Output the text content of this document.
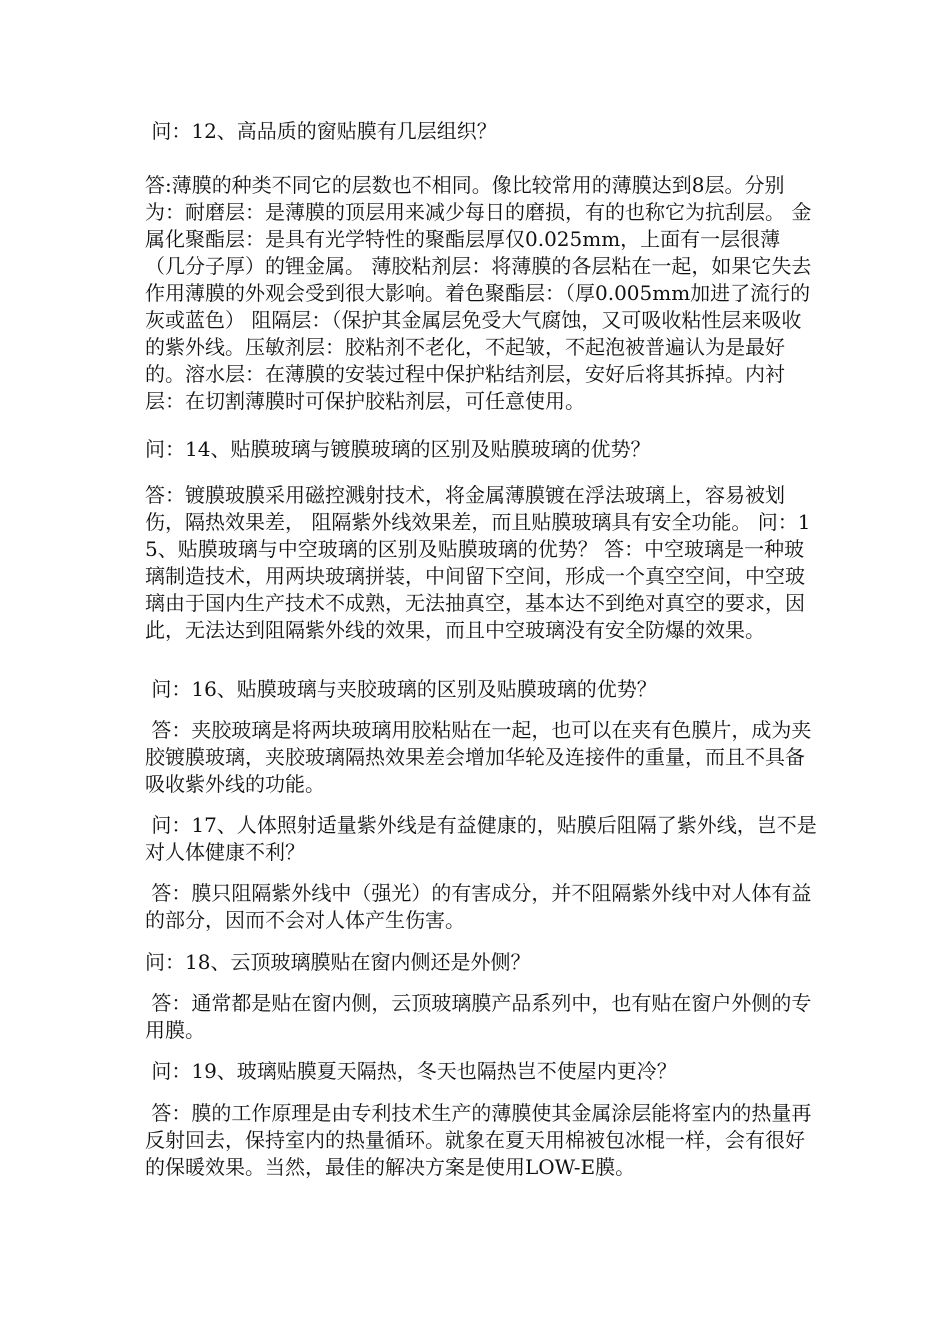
问：12、高品质的窗贴膜有几层组织？

答:薄膜的种类不同它的层数也不相同。像比较常用的薄膜达到8层。分别为：耐磨层：是薄膜的顶层用来减少每日的磨损，有的也称它为抗刮层。 金属化聚酯层：是具有光学特性的聚酯层厚仅0.025mm，上面有一层很薄（几分子厚）的锂金属。 薄胶粘剂层：将薄膜的各层粘在一起，如果它失去作用薄膜的外观会受到很大影响。着色聚酯层：（厚0.005mm加进了流行的灰或蓝色） 阻隔层：（保护其金属层免受大气腐蚀，又可吸收粘性层来吸收的紫外线。压敏剂层：胶粘剂不老化，不起皱，不起泡被普遍认为是最好的。溶水层：在薄膜的安装过程中保护粘结剂层，安好后将其拆掉。内衬层：在切割薄膜时可保护胶粘剂层，可任意使用。

问：14、贴膜玻璃与镀膜玻璃的区别及贴膜玻璃的优势？

答：镀膜玻膜采用磁控溅射技术，将金属薄膜镀在浮法玻璃上，容易被划伤，隔热效果差， 阻隔紫外线效果差，而且贴膜玻璃具有安全功能。 问：15、贴膜玻璃与中空玻璃的区别及贴膜玻璃的优势？ 答：中空玻璃是一种玻璃制造技术，用两块玻璃拼装，中间留下空间，形成一个真空空间，中空玻璃由于国内生产技术不成熟，无法抽真空，基本达不到绝对真空的要求，因此，无法达到阻隔紫外线的效果，而且中空玻璃没有安全防爆的效果。

问：16、贴膜玻璃与夹胶玻璃的区别及贴膜玻璃的优势？

答：夹胶玻璃是将两块玻璃用胶粘贴在一起，也可以在夹有色膜片，成为夹胶镀膜玻璃，夹胶玻璃隔热效果差会增加华轮及连接件的重量，而且不具备吸收紫外线的功能。

问：17、人体照射适量紫外线是有益健康的，贴膜后阻隔了紫外线，岂不是对人体健康不利？

答：膜只阻隔紫外线中（强光）的有害成分，并不阻隔紫外线中对人体有益的部分，因而不会对人体产生伤害。

问：18、云顶玻璃膜贴在窗内侧还是外侧？

答：通常都是贴在窗内侧，云顶玻璃膜产品系列中，也有贴在窗户外侧的专用膜。

问：19、玻璃贴膜夏天隔热，冬天也隔热岂不使屋内更冷？

答：膜的工作原理是由专利技术生产的薄膜使其金属涂层能将室内的热量再反射回去，保持室内的热量循环。就象在夏天用棉被包冰棍一样，会有很好的保暖效果。当然，最佳的解决方案是使用LOW-E膜。
